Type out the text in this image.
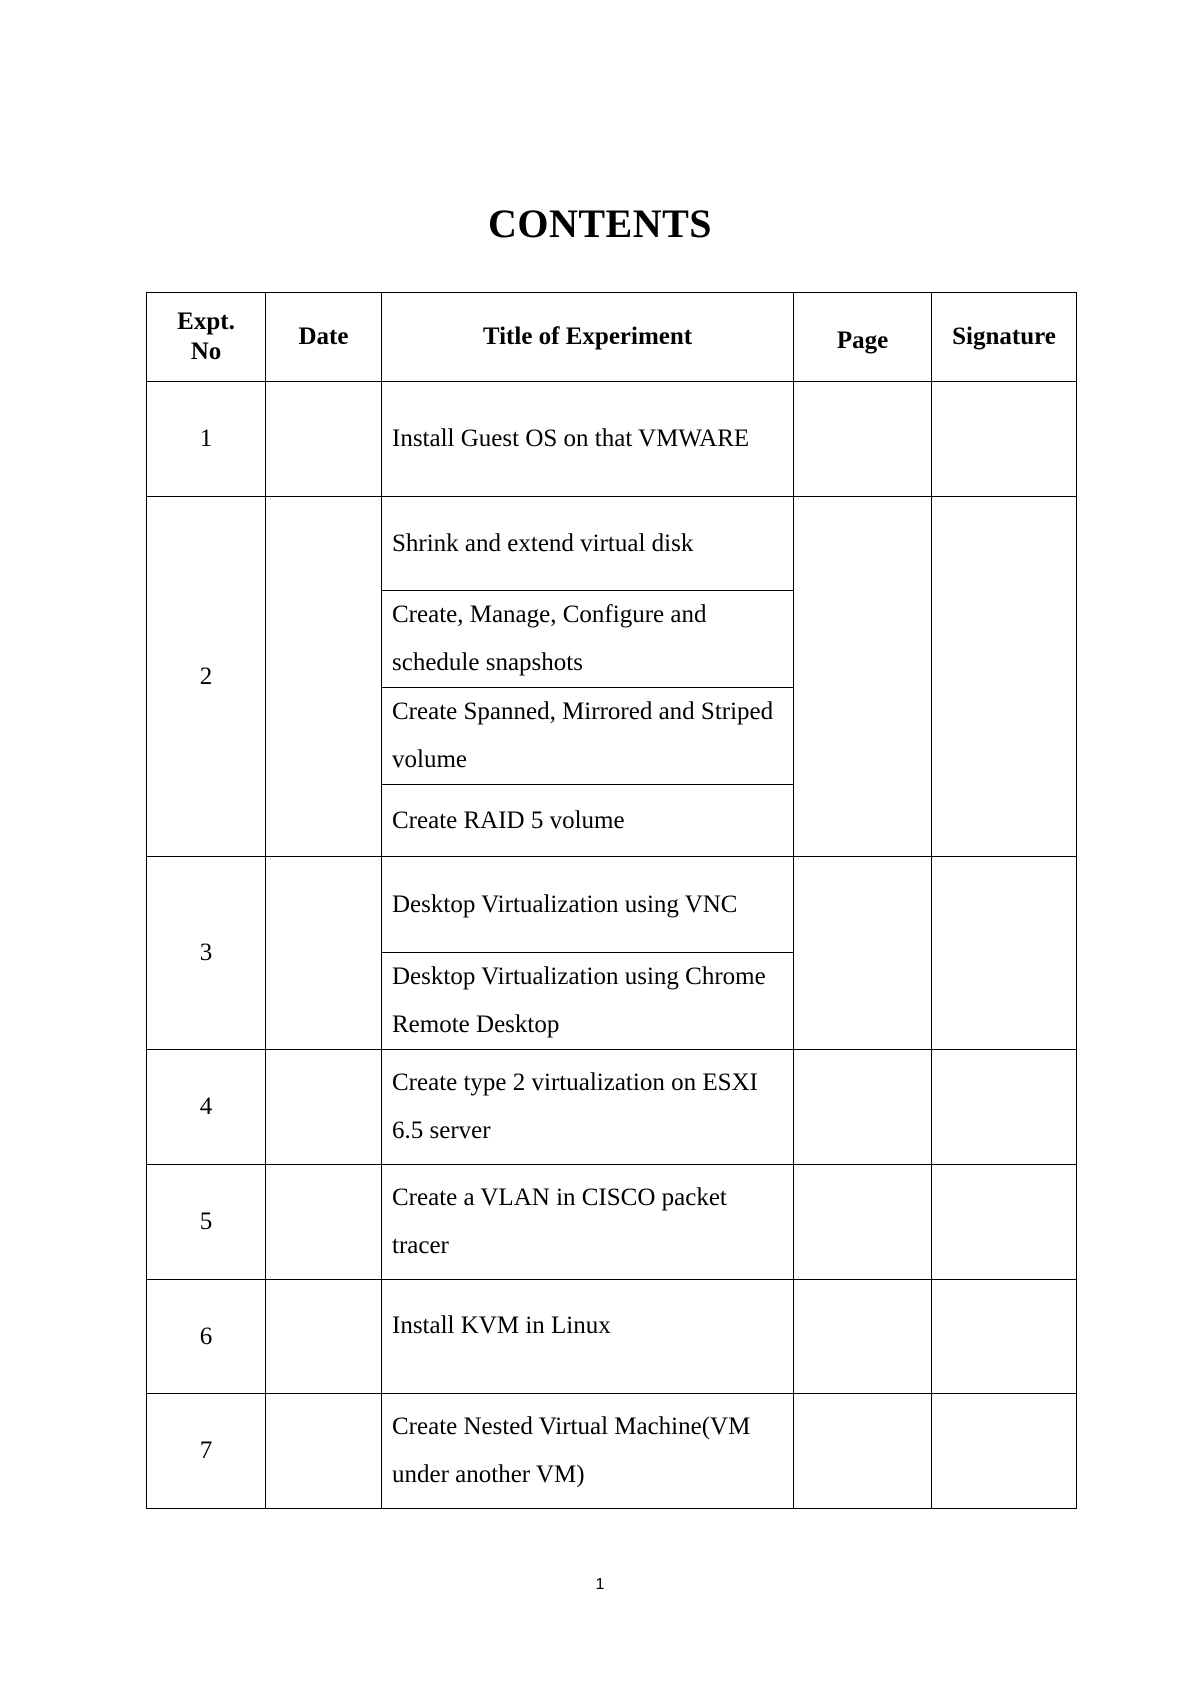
CONTENTS
Expt. No	Date	Title of Experiment	Page	Signature
1		Install Guest OS on that VMWARE		
2		Shrink and extend virtual disk		
		Create, Manage, Configure and schedule snapshots		
		Create Spanned, Mirrored and Striped volume		
		Create RAID 5 volume		
3		Desktop Virtualization using VNC		
		Desktop Virtualization using Chrome Remote Desktop		
4		Create type 2 virtualization on ESXI 6.5 server		
5		Create a VLAN in CISCO packet tracer		
6		Install KVM in Linux		
7		Create Nested Virtual Machine(VM under another VM)		
1
